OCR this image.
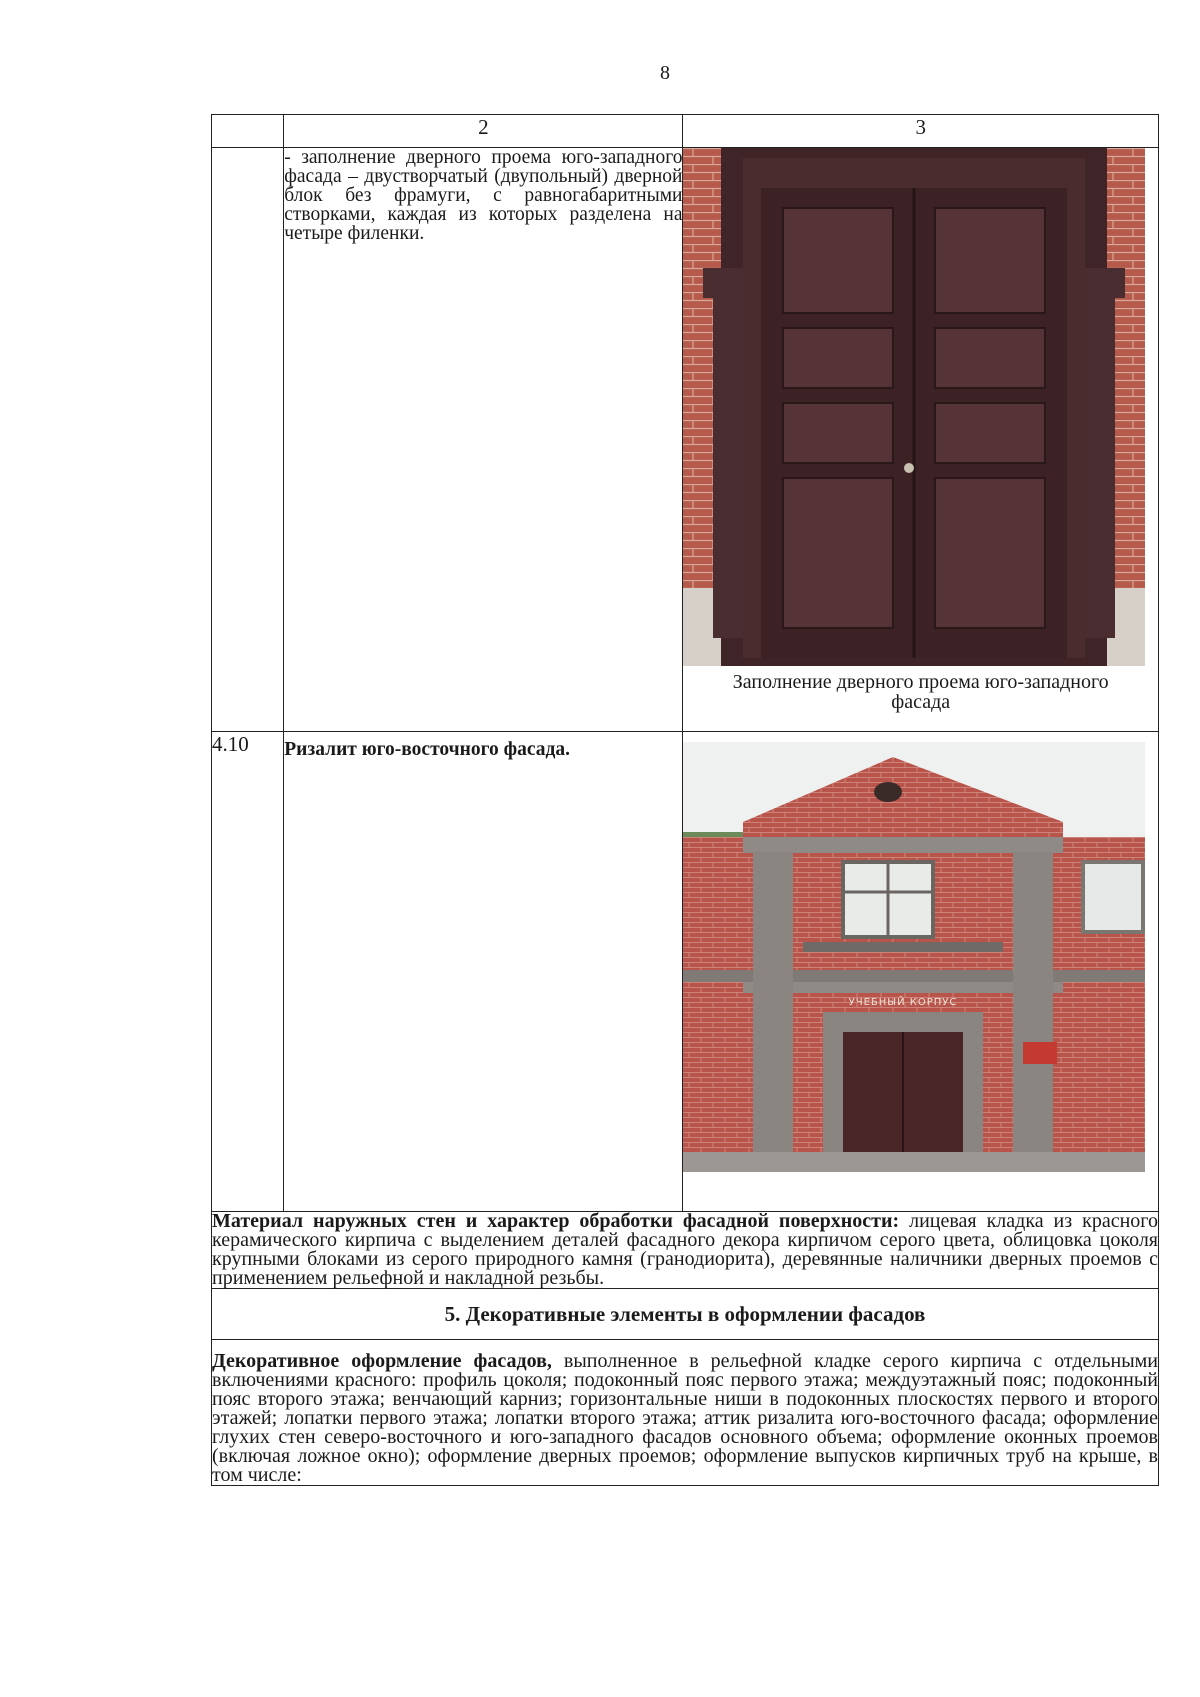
8
	2	3
	- заполнение дверного проема юго-западного фасада – двустворчатый (двупольный) дверной блок без фрамуги, с равногабаритными створками, каждая из которых разделена на четыре филенки.	Заполнение дверного проема юго-западного фасада

4.10	Ризалит юго-восточного фасада.	УЧЕБНЫЙ КОРПУС

Материал наружных стен и характер обработки фасадной поверхности: лицевая кладка из красного керамического кирпича с выделением деталей фасадного декора кирпичом серого цвета, облицовка цоколя крупными блоками из серого природного камня (гранодиорита), деревянные наличники дверных проемов с применением рельефной и накладной резьбы.		
5. Декоративные элементы в оформлении фасадов		
Декоративное оформление фасадов, выполненное в рельефной кладке серого кирпича с отдельными включениями красного: профиль цоколя; подоконный пояс первого этажа; междуэтажный пояс; подоконный пояс второго этажа; венчающий карниз; горизонтальные ниши в подоконных плоскостях первого и второго этажей; лопатки первого этажа; лопатки второго этажа; аттик ризалита юго-восточного фасада; оформление глухих стен северо-восточного и юго-западного фасадов основного объема; оформление оконных проемов (включая ложное окно); оформление дверных проемов; оформление выпусков кирпичных труб на крыше, в том числе:		
